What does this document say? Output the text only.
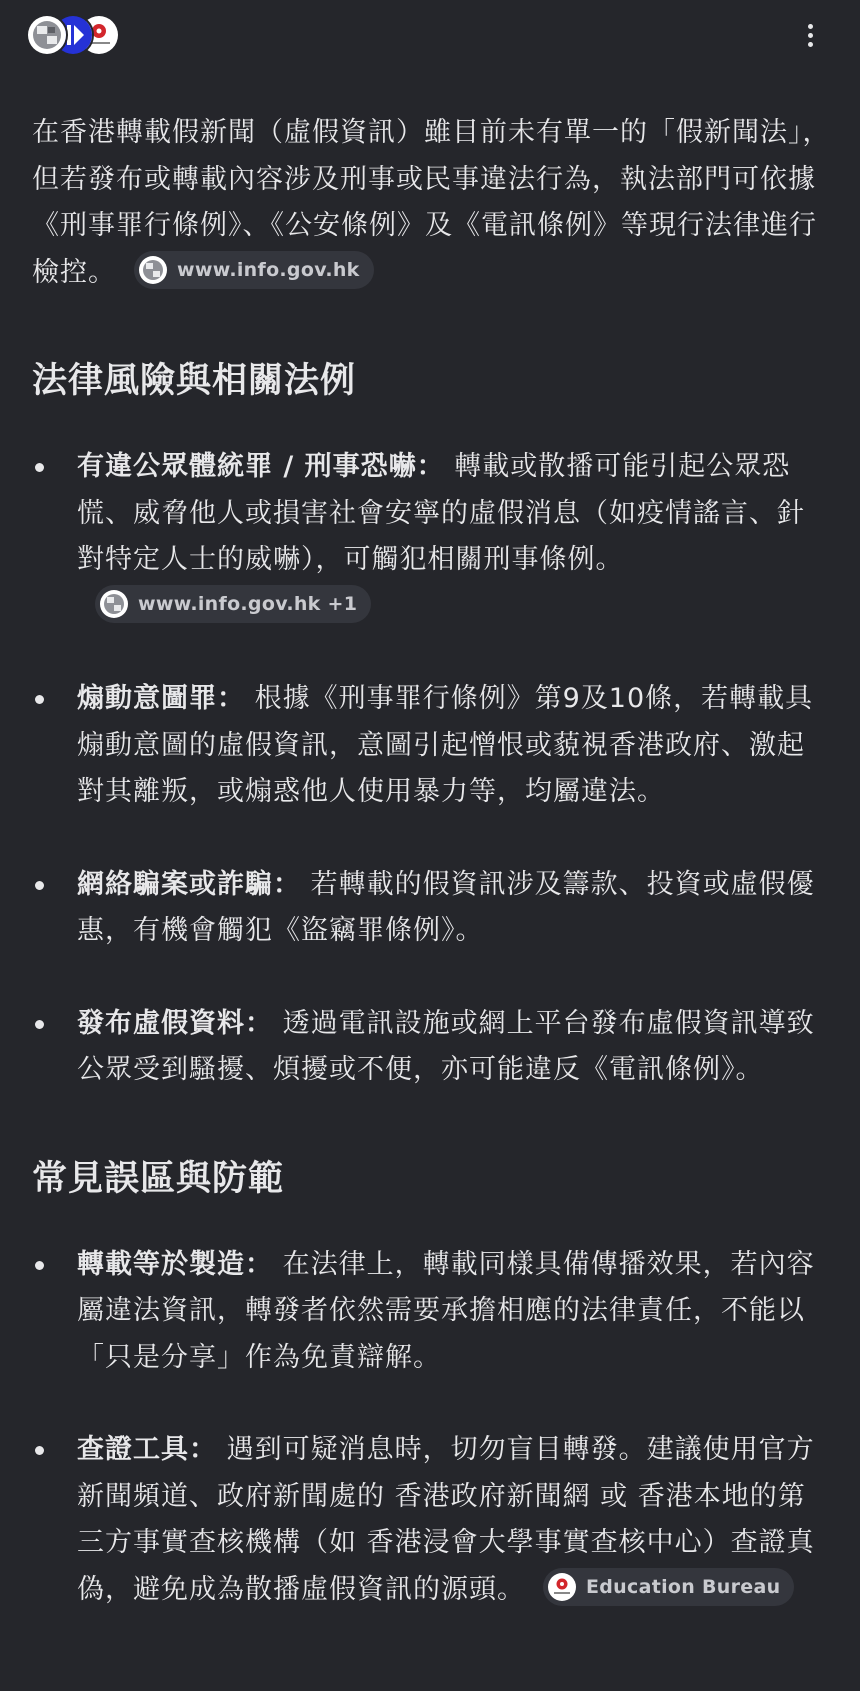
在香港轉載假新聞（虛假資訊）雖目前未有單一的「假新聞法」，但若發布或轉載內容涉及刑事或民事違法行為，執法部門可依據《刑事罪行條例》、《公安條例》及《電訊條例》等現行法律進行檢控。	www.info.gov.hk

法律風險與相關法例
有違公眾體統罪 / 刑事恐嚇： 轉載或散播可能引起公眾恐慌、威脅他人或損害社會安寧的虛假消息（如疫情謠言、針對特定人士的威嚇），可觸犯相關刑事條例。
www.info.gov.hk +1
煽動意圖罪： 根據《刑事罪行條例》第9及10條，若轉載具煽動意圖的虛假資訊，意圖引起憎恨或藐視香港政府、激起對其離叛，或煽惑他人使用暴力等，均屬違法。
網絡騙案或詐騙： 若轉載的假資訊涉及籌款、投資或虛假優惠，有機會觸犯《盜竊罪條例》。
發布虛假資料： 透過電訊設施或網上平台發布虛假資訊導致公眾受到騷擾、煩擾或不便，亦可能違反《電訊條例》。
常見誤區與防範
轉載等於製造： 在法律上，轉載同樣具備傳播效果，若內容屬違法資訊，轉發者依然需要承擔相應的法律責任，不能以「只是分享」作為免責辯解。
查證工具： 遇到可疑消息時，切勿盲目轉發。建議使用官方新聞頻道、政府新聞處的 香港政府新聞網 或 香港本地的第三方事實查核機構（如 香港浸會大學事實查核中心）查證真偽，避免成為散播虛假資訊的源頭。	Education Bureau
